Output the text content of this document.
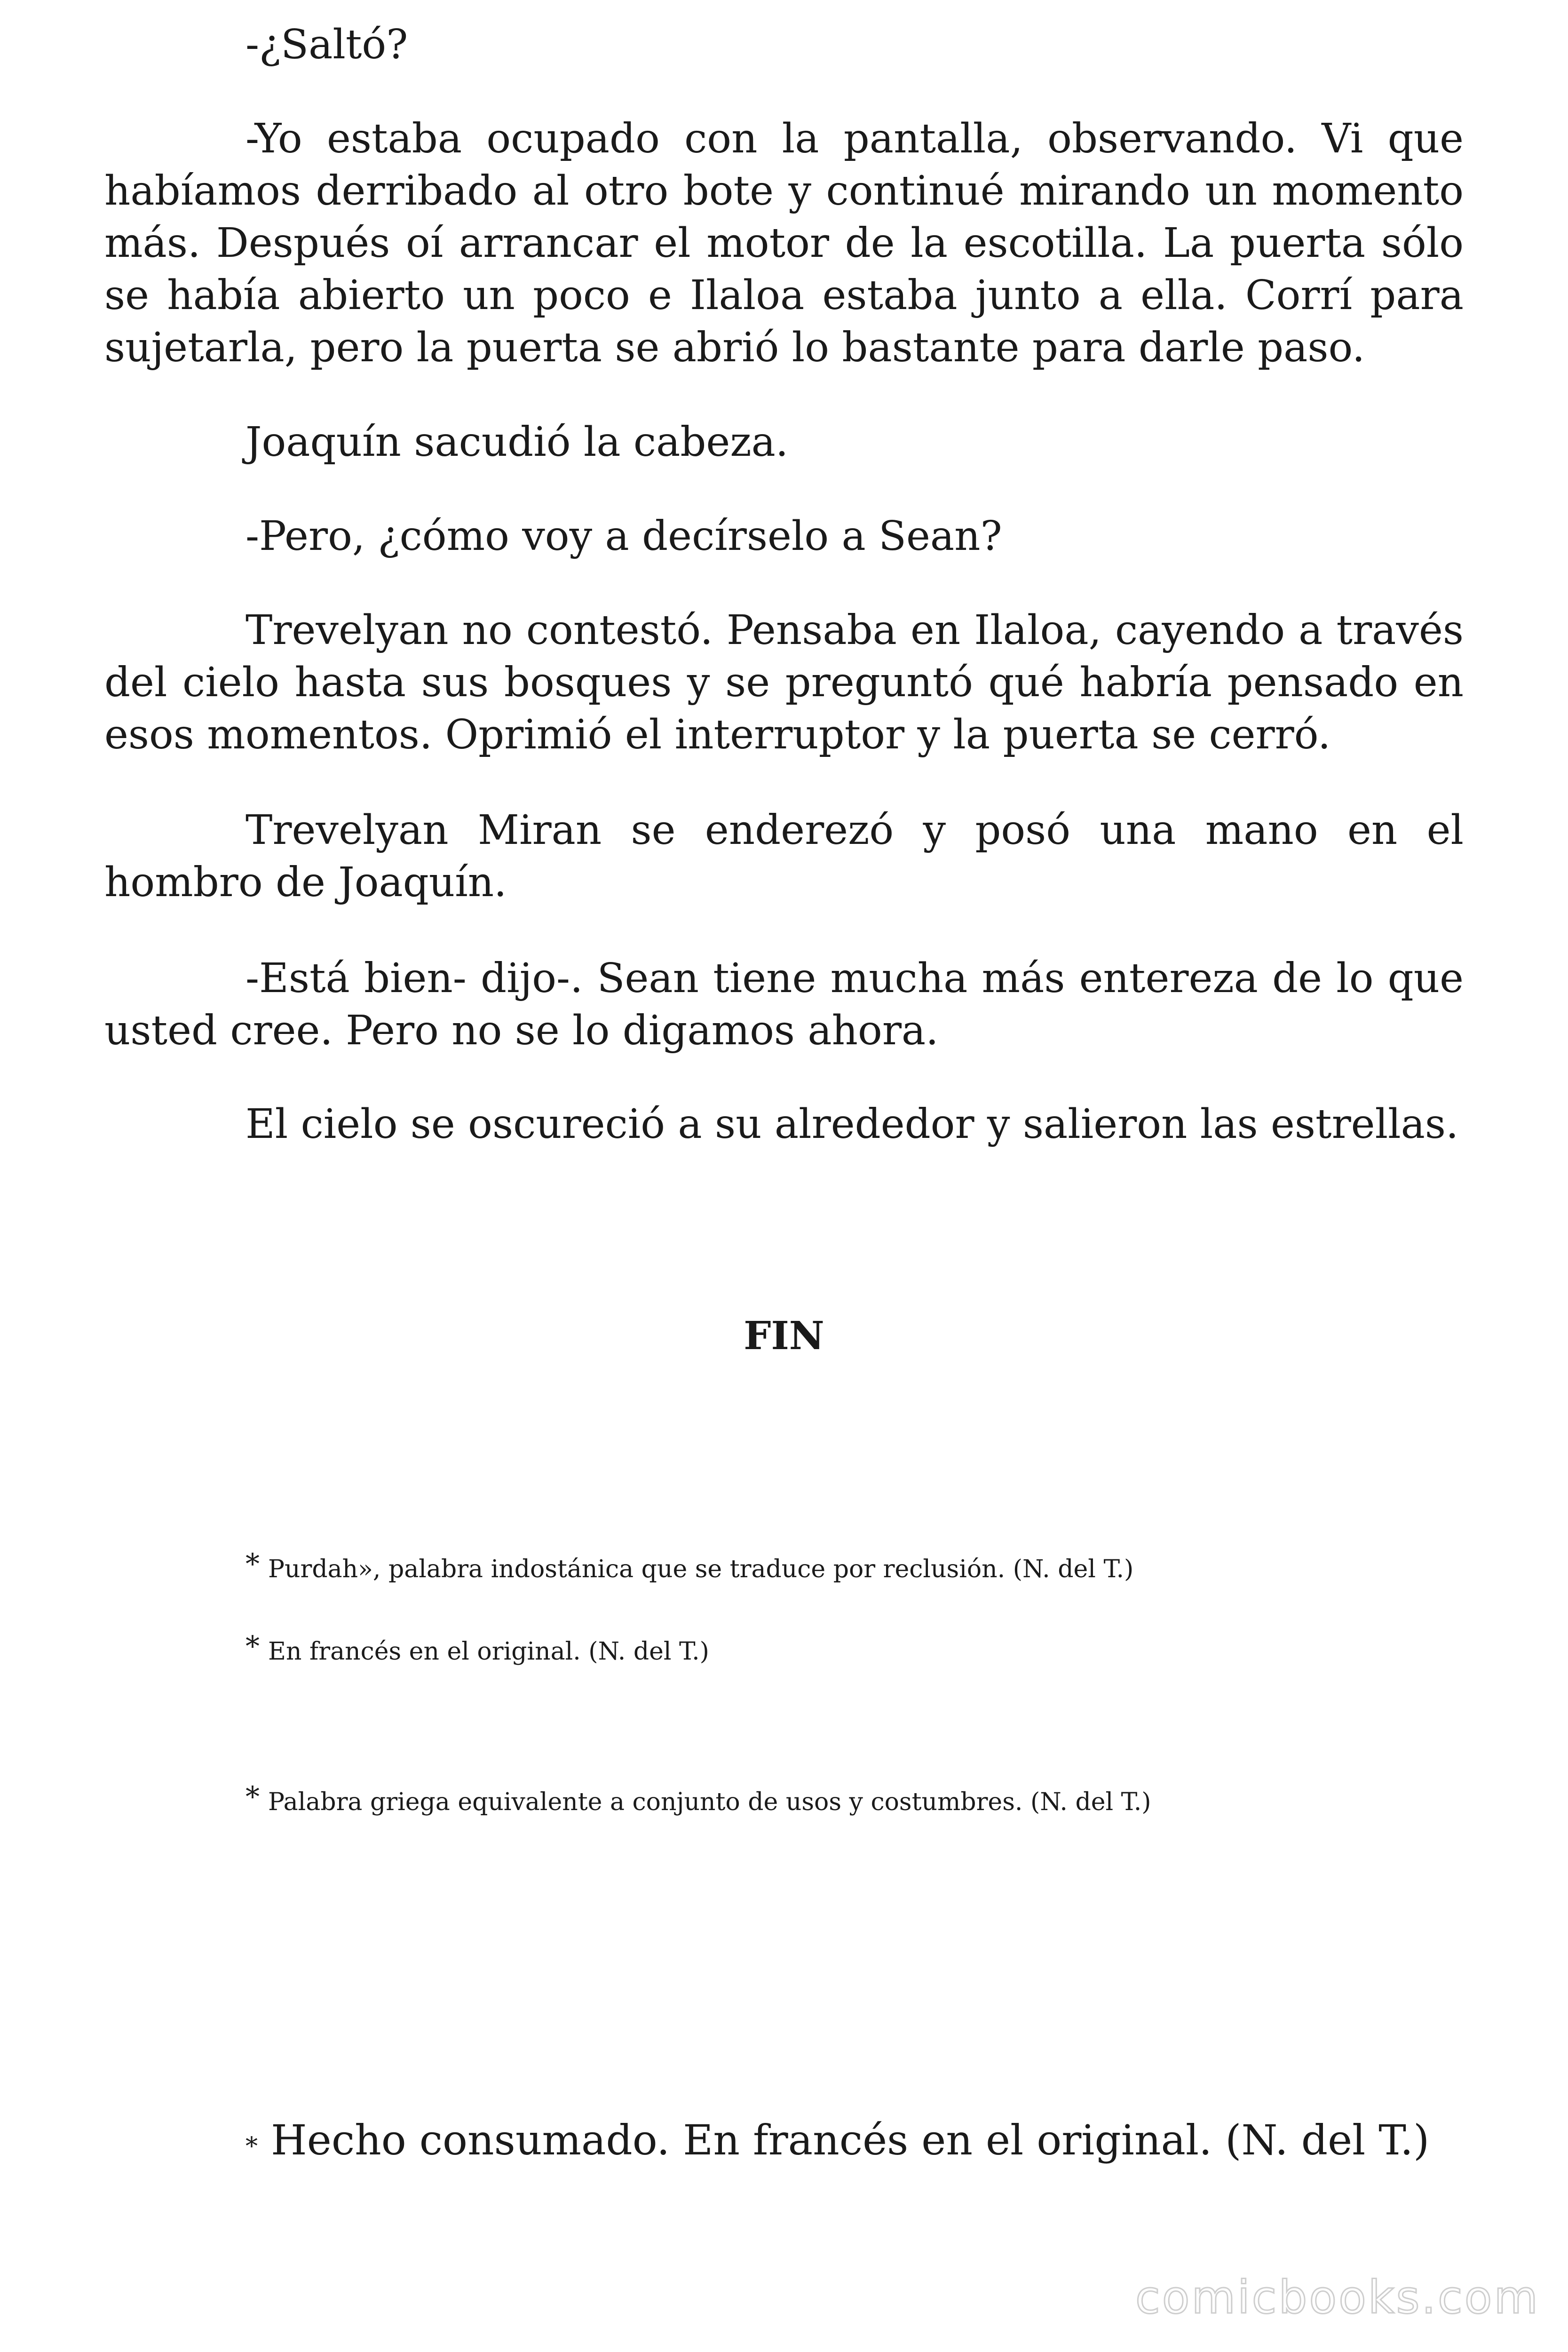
-¿Saltó?

-Yo estaba ocupado con la pantalla, observando. Vi que habíamos derribado al otro bote y continué mirando un momento más. Después oí arrancar el motor de la escotilla. La puerta sólo se había abierto un poco e Ilaloa estaba junto a ella. Corrí para sujetarla, pero la puerta se abrió lo bastante para darle paso.

Joaquín sacudió la cabeza.

-Pero, ¿cómo voy a decírselo a Sean?

Trevelyan no contestó. Pensaba en Ilaloa, cayendo a través del cielo hasta sus bosques y se preguntó qué habría pensado en esos momentos. Oprimió el interruptor y la puerta se cerró.

Trevelyan Miran se enderezó y posó una mano en el hombro de Joaquín.

-Está bien- dijo-. Sean tiene mucha más entereza de lo que usted cree. Pero no se lo digamos ahora.

El cielo se oscureció a su alrededor y salieron las estrellas.

FIN

* Purdah», palabra indostánica que se traduce por reclusión. (N. del T.)

* En francés en el original. (N. del T.)

* Palabra griega equivalente a conjunto de usos y costumbres. (N. del T.)

* Hecho consumado. En francés en el original. (N. del T.)

comicbooks.com
